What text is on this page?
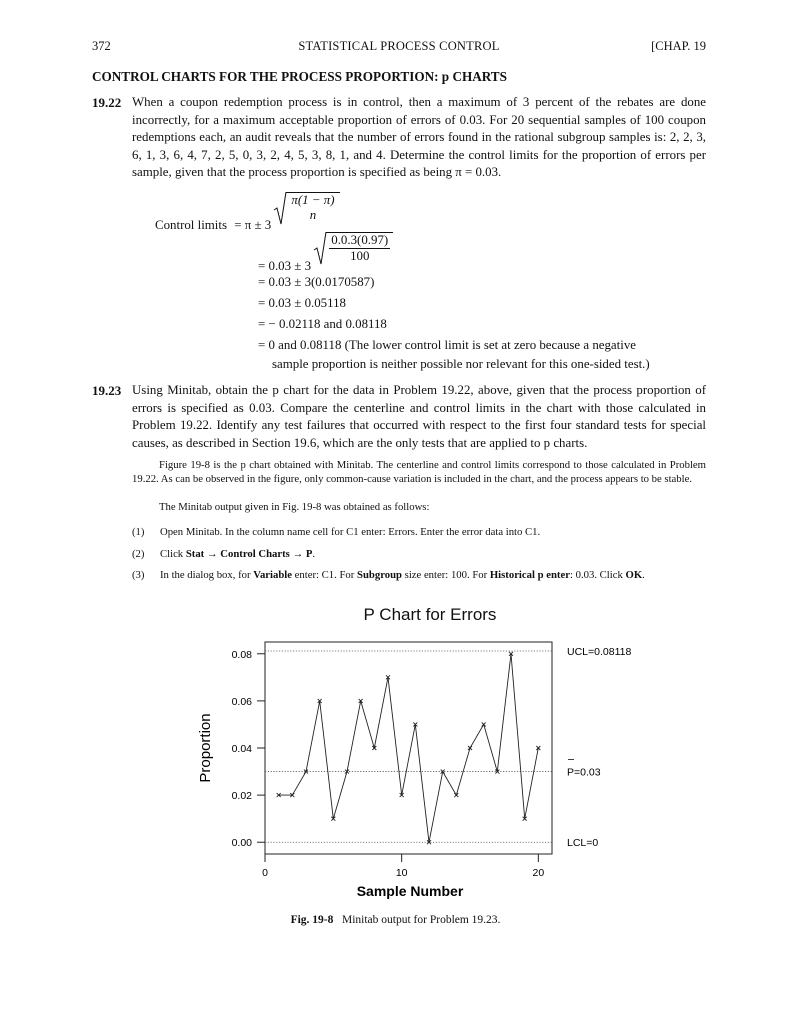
372	STATISTICAL PROCESS CONTROL	[CHAP. 19
CONTROL CHARTS FOR THE PROCESS PROPORTION: p CHARTS
19.22 When a coupon redemption process is in control, then a maximum of 3 percent of the rebates are done incorrectly, for a maximum acceptable proportion of errors of 0.03. For 20 sequential samples of 100 coupon redemptions each, an audit reveals that the number of errors found in the rational subgroup samples is: 2, 2, 3, 6, 1, 3, 6, 4, 7, 2, 5, 0, 3, 2, 4, 5, 3, 8, 1, and 4. Determine the control limits for the proportion of errors per sample, given that the process proportion is specified as being π = 0.03.
Control limits = π ± 3
π(1 − π)
n
= 0.03 ± 3
$\frac{0.0.3(0.97)}{100}$
= 0.03 ± 3(0.0170587)
= 0.03 ± 0.05118
= − 0.02118 and 0.08118
= 0 and 0.08118 (The lower control limit is set at zero because a negative
sample proportion is neither possible nor relevant for this one-sided test.)
19.23 Using Minitab, obtain the p chart for the data in Problem 19.22, above, given that the process proportion of errors is specified as 0.03. Compare the centerline and control limits in the chart with those calculated in Problem 19.22. Identify any test failures that occurred with respect to the first four standard tests for special causes, as described in Section 19.6, which are the only tests that are applied to p charts.
Figure 19-8 is the p chart obtained with Minitab. The centerline and control limits correspond to those calculated in Problem 19.22. As can be observed in the figure, only common-cause variation is included in the chart, and the process appears to be stable.
The Minitab output given in Fig. 19-8 was obtained as follows:
(1) Open Minitab. In the column name cell for C1 enter: Errors. Enter the error data into C1.
(2) Click Stat → Control Charts → P.
(3) In the dialog box, for Variable enter: C1. For Subgroup size enter: 100. For Historical p enter: 0.03. Click OK.
P Chart for Errors
UCL=0.08118
P=0.03
LCL=0
0.00
0.02
0.04
0.06
0.08
0	10	20
Proportion
Sample Number
Fig. 19-8 Minitab output for Problem 19.23.
